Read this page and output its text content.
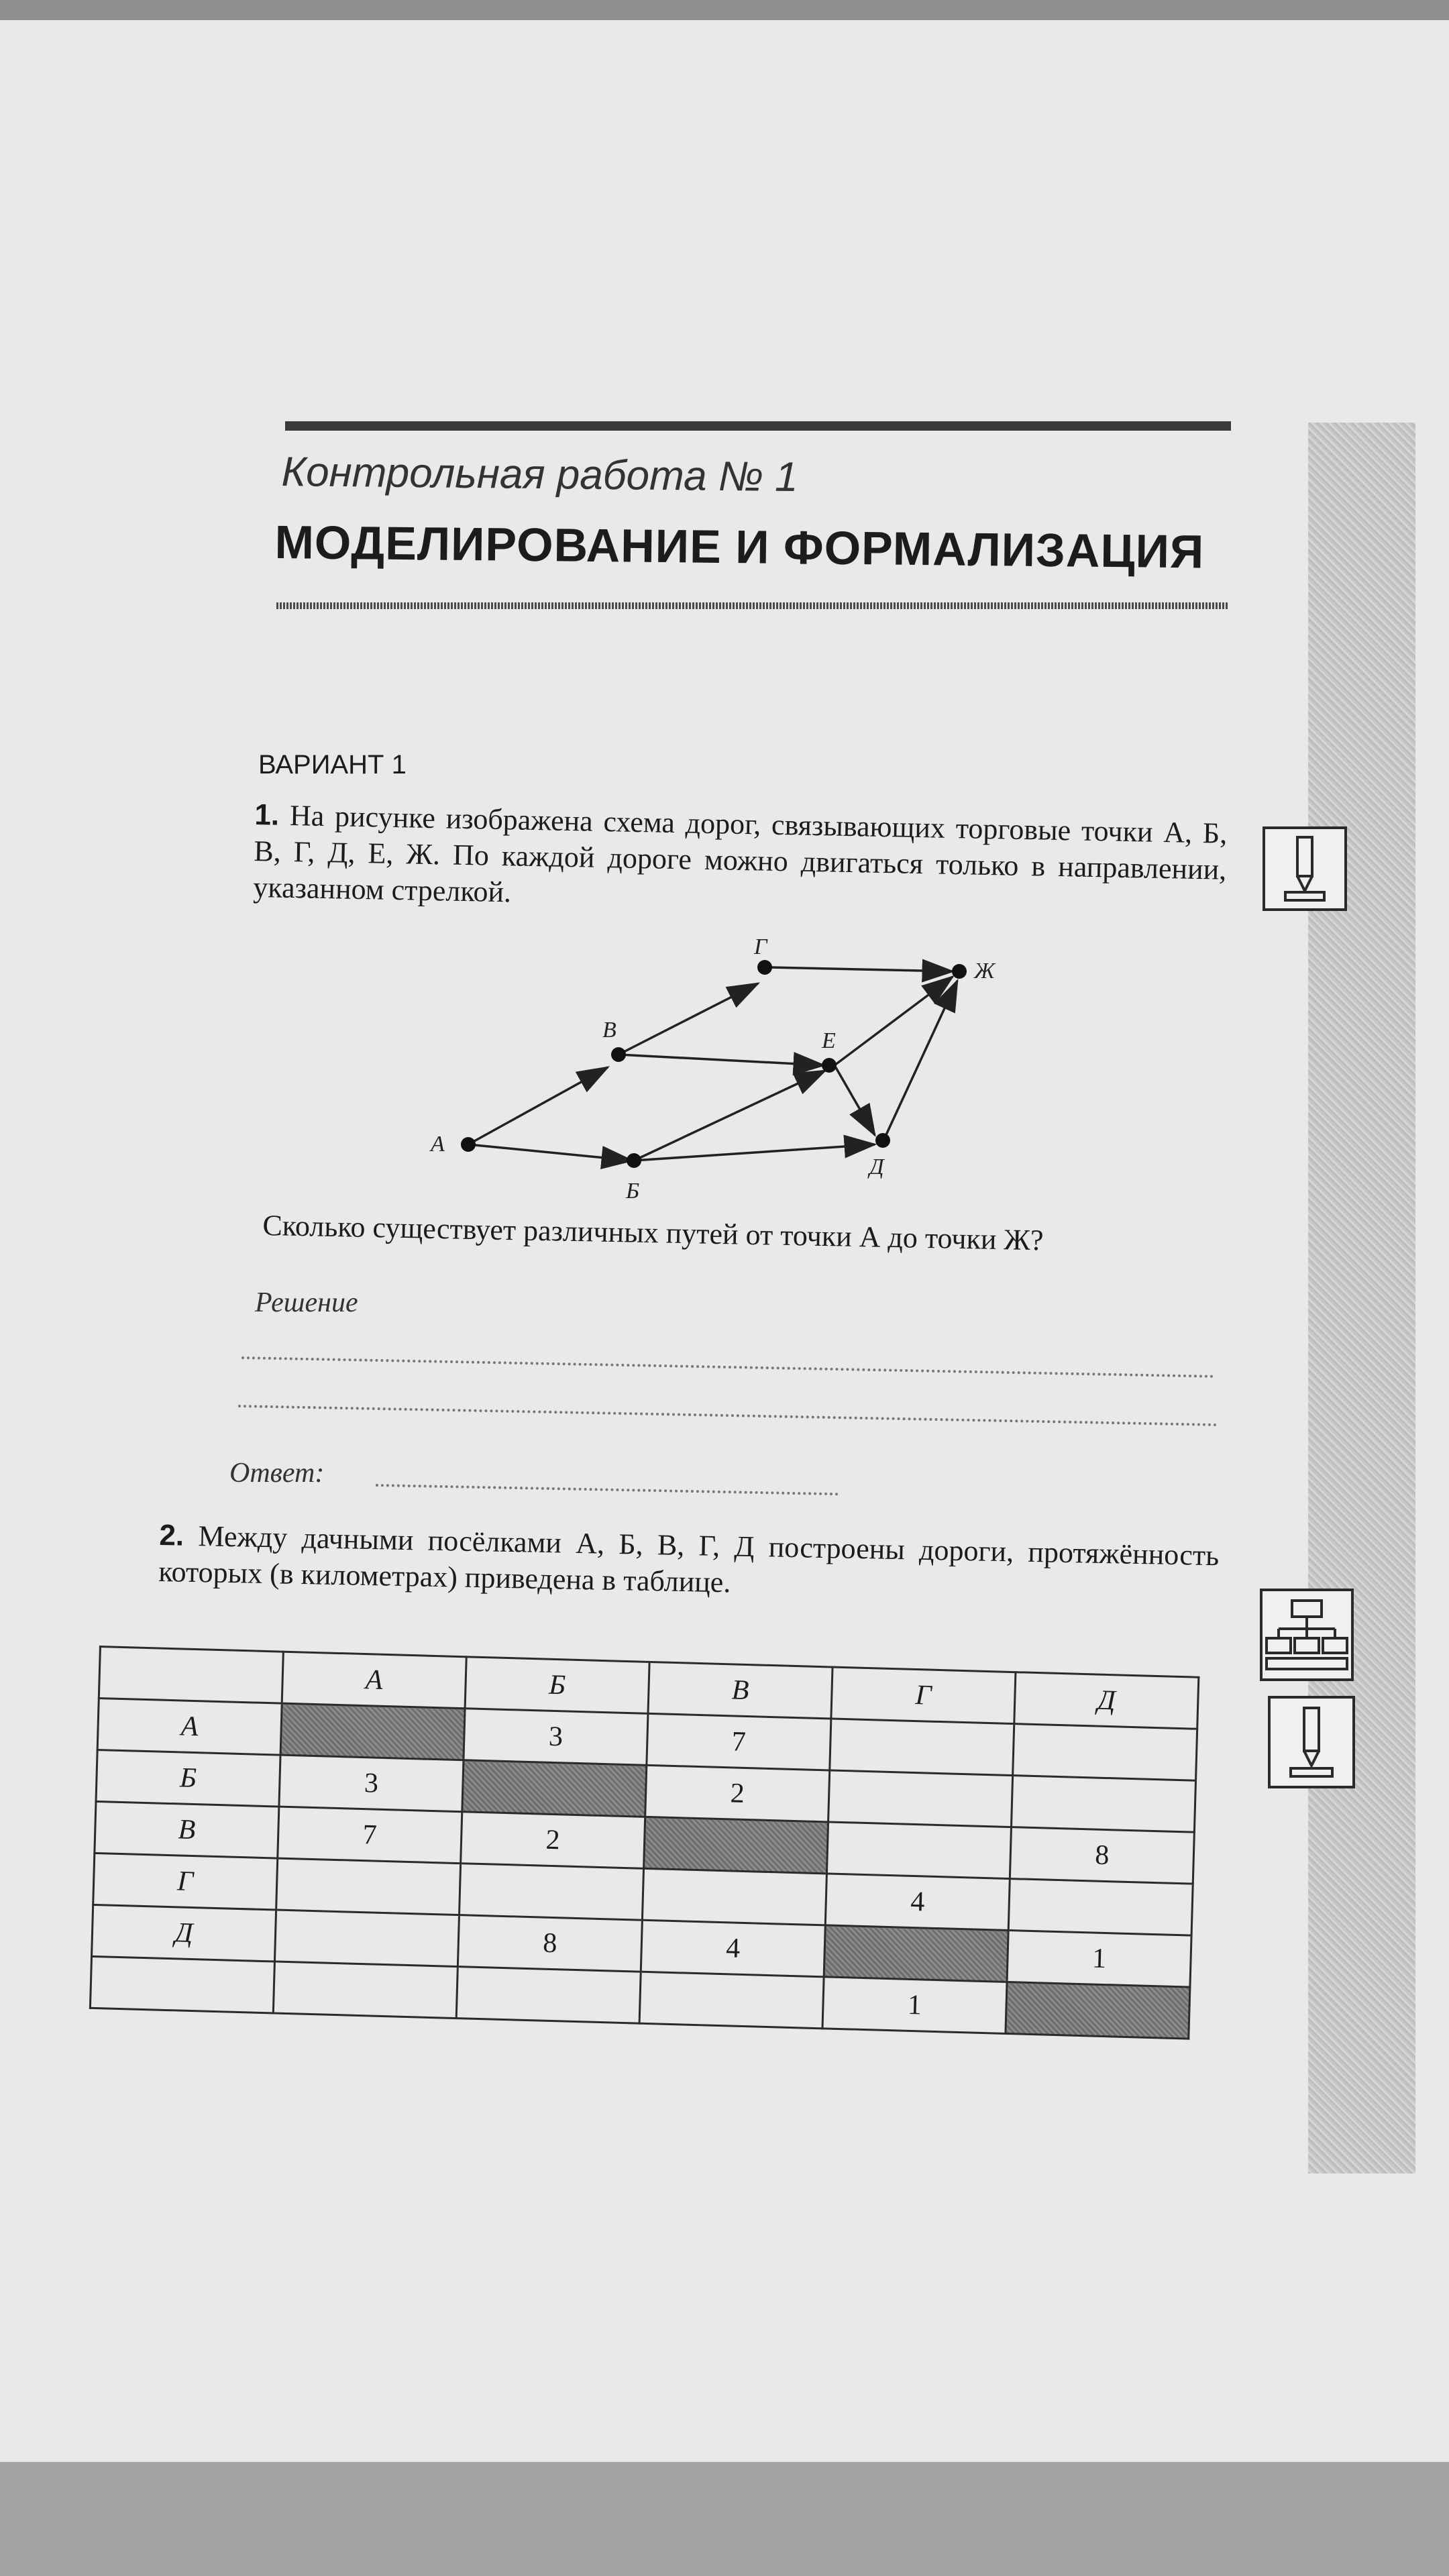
Контрольная работа № 1
МОДЕЛИРОВАНИЕ И ФОРМАЛИЗАЦИЯ
ВАРИАНТ 1
1. На рисунке изображена схема дорог, связывающих торговые точки А, Б, В, Г, Д, Е, Ж. По каждой дороге можно двигаться только в направлении, указанном стрелкой.
А
Б
В
Г
Д
Е
Ж
Сколько существует различных путей от точки А до точки Ж?
Решение
Ответ:
2. Между дачными посёлками А, Б, В, Г, Д построены дороги, протяжённость которых (в километрах) приведена в таблице.
	А	Б	В	Г	Д
А		3	7		
Б	3		2		
В	7	2			8
Г				4	
Д		8	4		1
				1	
